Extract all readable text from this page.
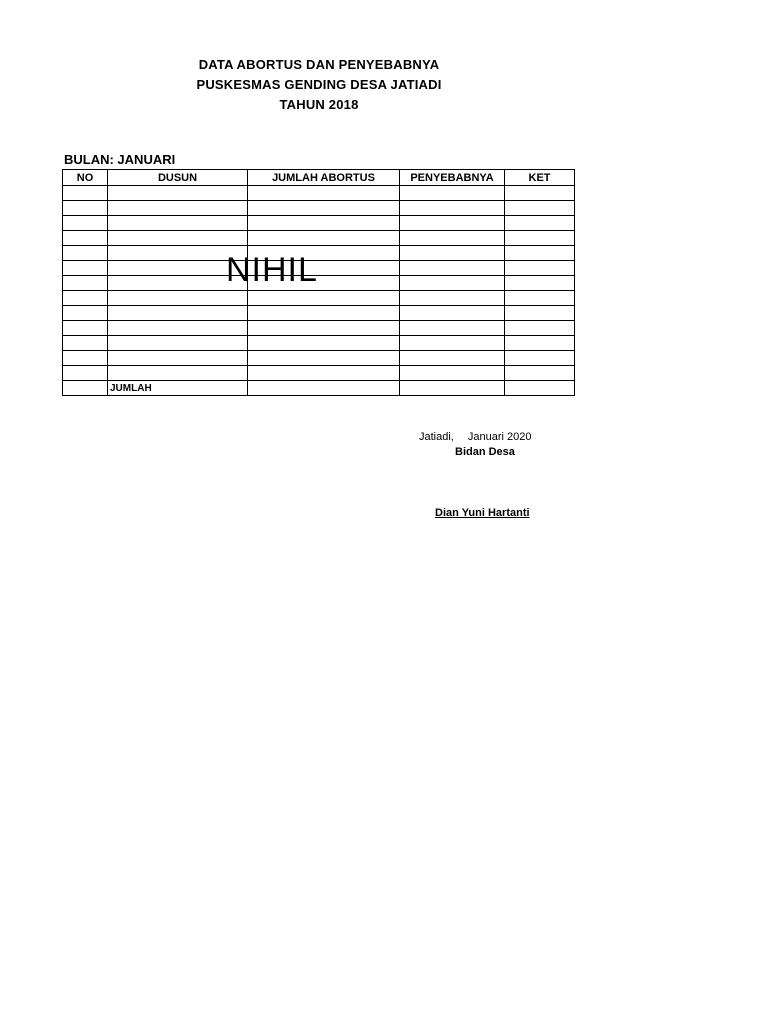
DATA ABORTUS DAN PENYEBABNYA
PUSKESMAS GENDING DESA JATIADI
TAHUN 2018
BULAN: JANUARI
NO	DUSUN	JUMLAH ABORTUS	PENYEBABNYA	KET

	JUMLAH			
NIHIL
Jatiadi, Januari 2020
Bidan Desa
Dian Yuni Hartanti
